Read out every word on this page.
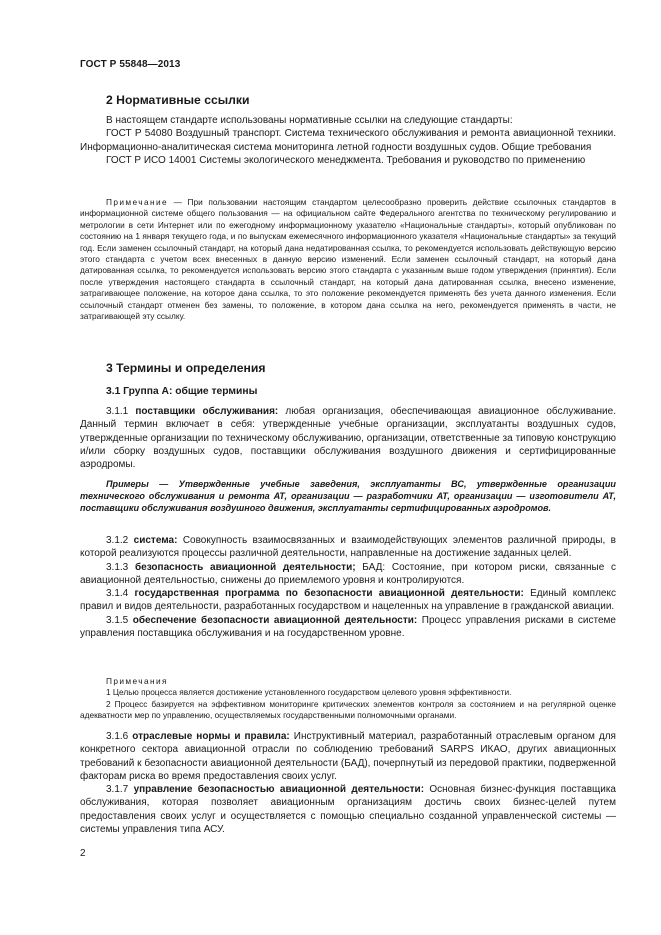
ГОСТ Р 55848—2013
2 Нормативные ссылки

В настоящем стандарте использованы нормативные ссылки на следующие стандарты:

ГОСТ Р 54080 Воздушный транспорт. Система технического обслуживания и ремонта авиационной техники. Информационно-аналитическая система мониторинга летной годности воздушных судов. Общие требования

ГОСТ Р ИСО 14001 Системы экологического менеджмента. Требования и руководство по применению

Примечание — При пользовании настоящим стандартом целесообразно проверить действие ссылочных стандартов в информационной системе общего пользования — на официальном сайте Федерального агентства по техническому регулированию и метрологии в сети Интернет или по ежегодному информационному указателю «Национальные стандарты», который опубликован по состоянию на 1 января текущего года, и по выпускам ежемесячного информационного указателя «Национальные стандарты» за текущий год. Если заменен ссылочный стандарт, на который дана недатированная ссылка, то рекомендуется использовать действующую версию этого стандарта с учетом всех внесенных в данную версию изменений. Если заменен ссылочный стандарт, на который дана датированная ссылка, то рекомендуется использовать версию этого стандарта с указанным выше годом утверждения (принятия). Если после утверждения настоящего стандарта в ссылочный стандарт, на который дана датированная ссылка, внесено изменение, затрагивающее положение, на которое дана ссылка, то это положение рекомендуется применять без учета данного изменения. Если ссылочный стандарт отменен без замены, то положение, в котором дана ссылка на него, рекомендуется применять в части, не затрагивающей эту ссылку.

3 Термины и определения
3.1 Группа А: общие термины

3.1.1 поставщики обслуживания: любая организация, обеспечивающая авиационное обслуживание. Данный термин включает в себя: утвержденные учебные организации, эксплуатанты воздушных судов, утвержденные организации по техническому обслуживанию, организации, ответственные за типовую конструкцию и/или сборку воздушных судов, поставщики обслуживания воздушного движения и сертифицированные аэродромы.

Примеры — Утвержденные учебные заведения, эксплуатанты ВС, утвержденные организации технического обслуживания и ремонта АТ, организации — разработчики АТ, организации — изготовители АТ, поставщики обслуживания воздушного движения, эксплуатанты сертифицированных аэродромов.

3.1.2 система: Совокупность взаимосвязанных и взаимодействующих элементов различной природы, в которой реализуются процессы различной деятельности, направленные на достижение заданных целей.

3.1.3 безопасность авиационной деятельности; БАД: Состояние, при котором риски, связанные с авиационной деятельностью, снижены до приемлемого уровня и контролируются.

3.1.4 государственная программа по безопасности авиационной деятельности: Единый комплекс правил и видов деятельности, разработанных государством и нацеленных на управление в гражданской авиации.

3.1.5 обеспечение безопасности авиационной деятельности: Процесс управления рисками в системе управления поставщика обслуживания и на государственном уровне.

Примечания

1 Целью процесса является достижение установленного государством целевого уровня эффективности.

2 Процесс базируется на эффективном мониторинге критических элементов контроля за состоянием и на регулярной оценке адекватности мер по управлению, осуществляемых государственными полномочными органами.

3.1.6 отраслевые нормы и правила: Инструктивный материал, разработанный отраслевым органом для конкретного сектора авиационной отрасли по соблюдению требований SARPS ИКАО, других авиационных требований к безопасности авиационной деятельности (БАД), почерпнутый из передовой практики, подверженной факторам риска во время предоставления своих услуг.

3.1.7 управление безопасностью авиационной деятельности: Основная бизнес-функция поставщика обслуживания, которая позволяет авиационным организациям достичь своих бизнес-целей путем предоставления своих услуг и осуществляется с помощью специально созданной управленческой системы — системы управления типа АСУ.

2
